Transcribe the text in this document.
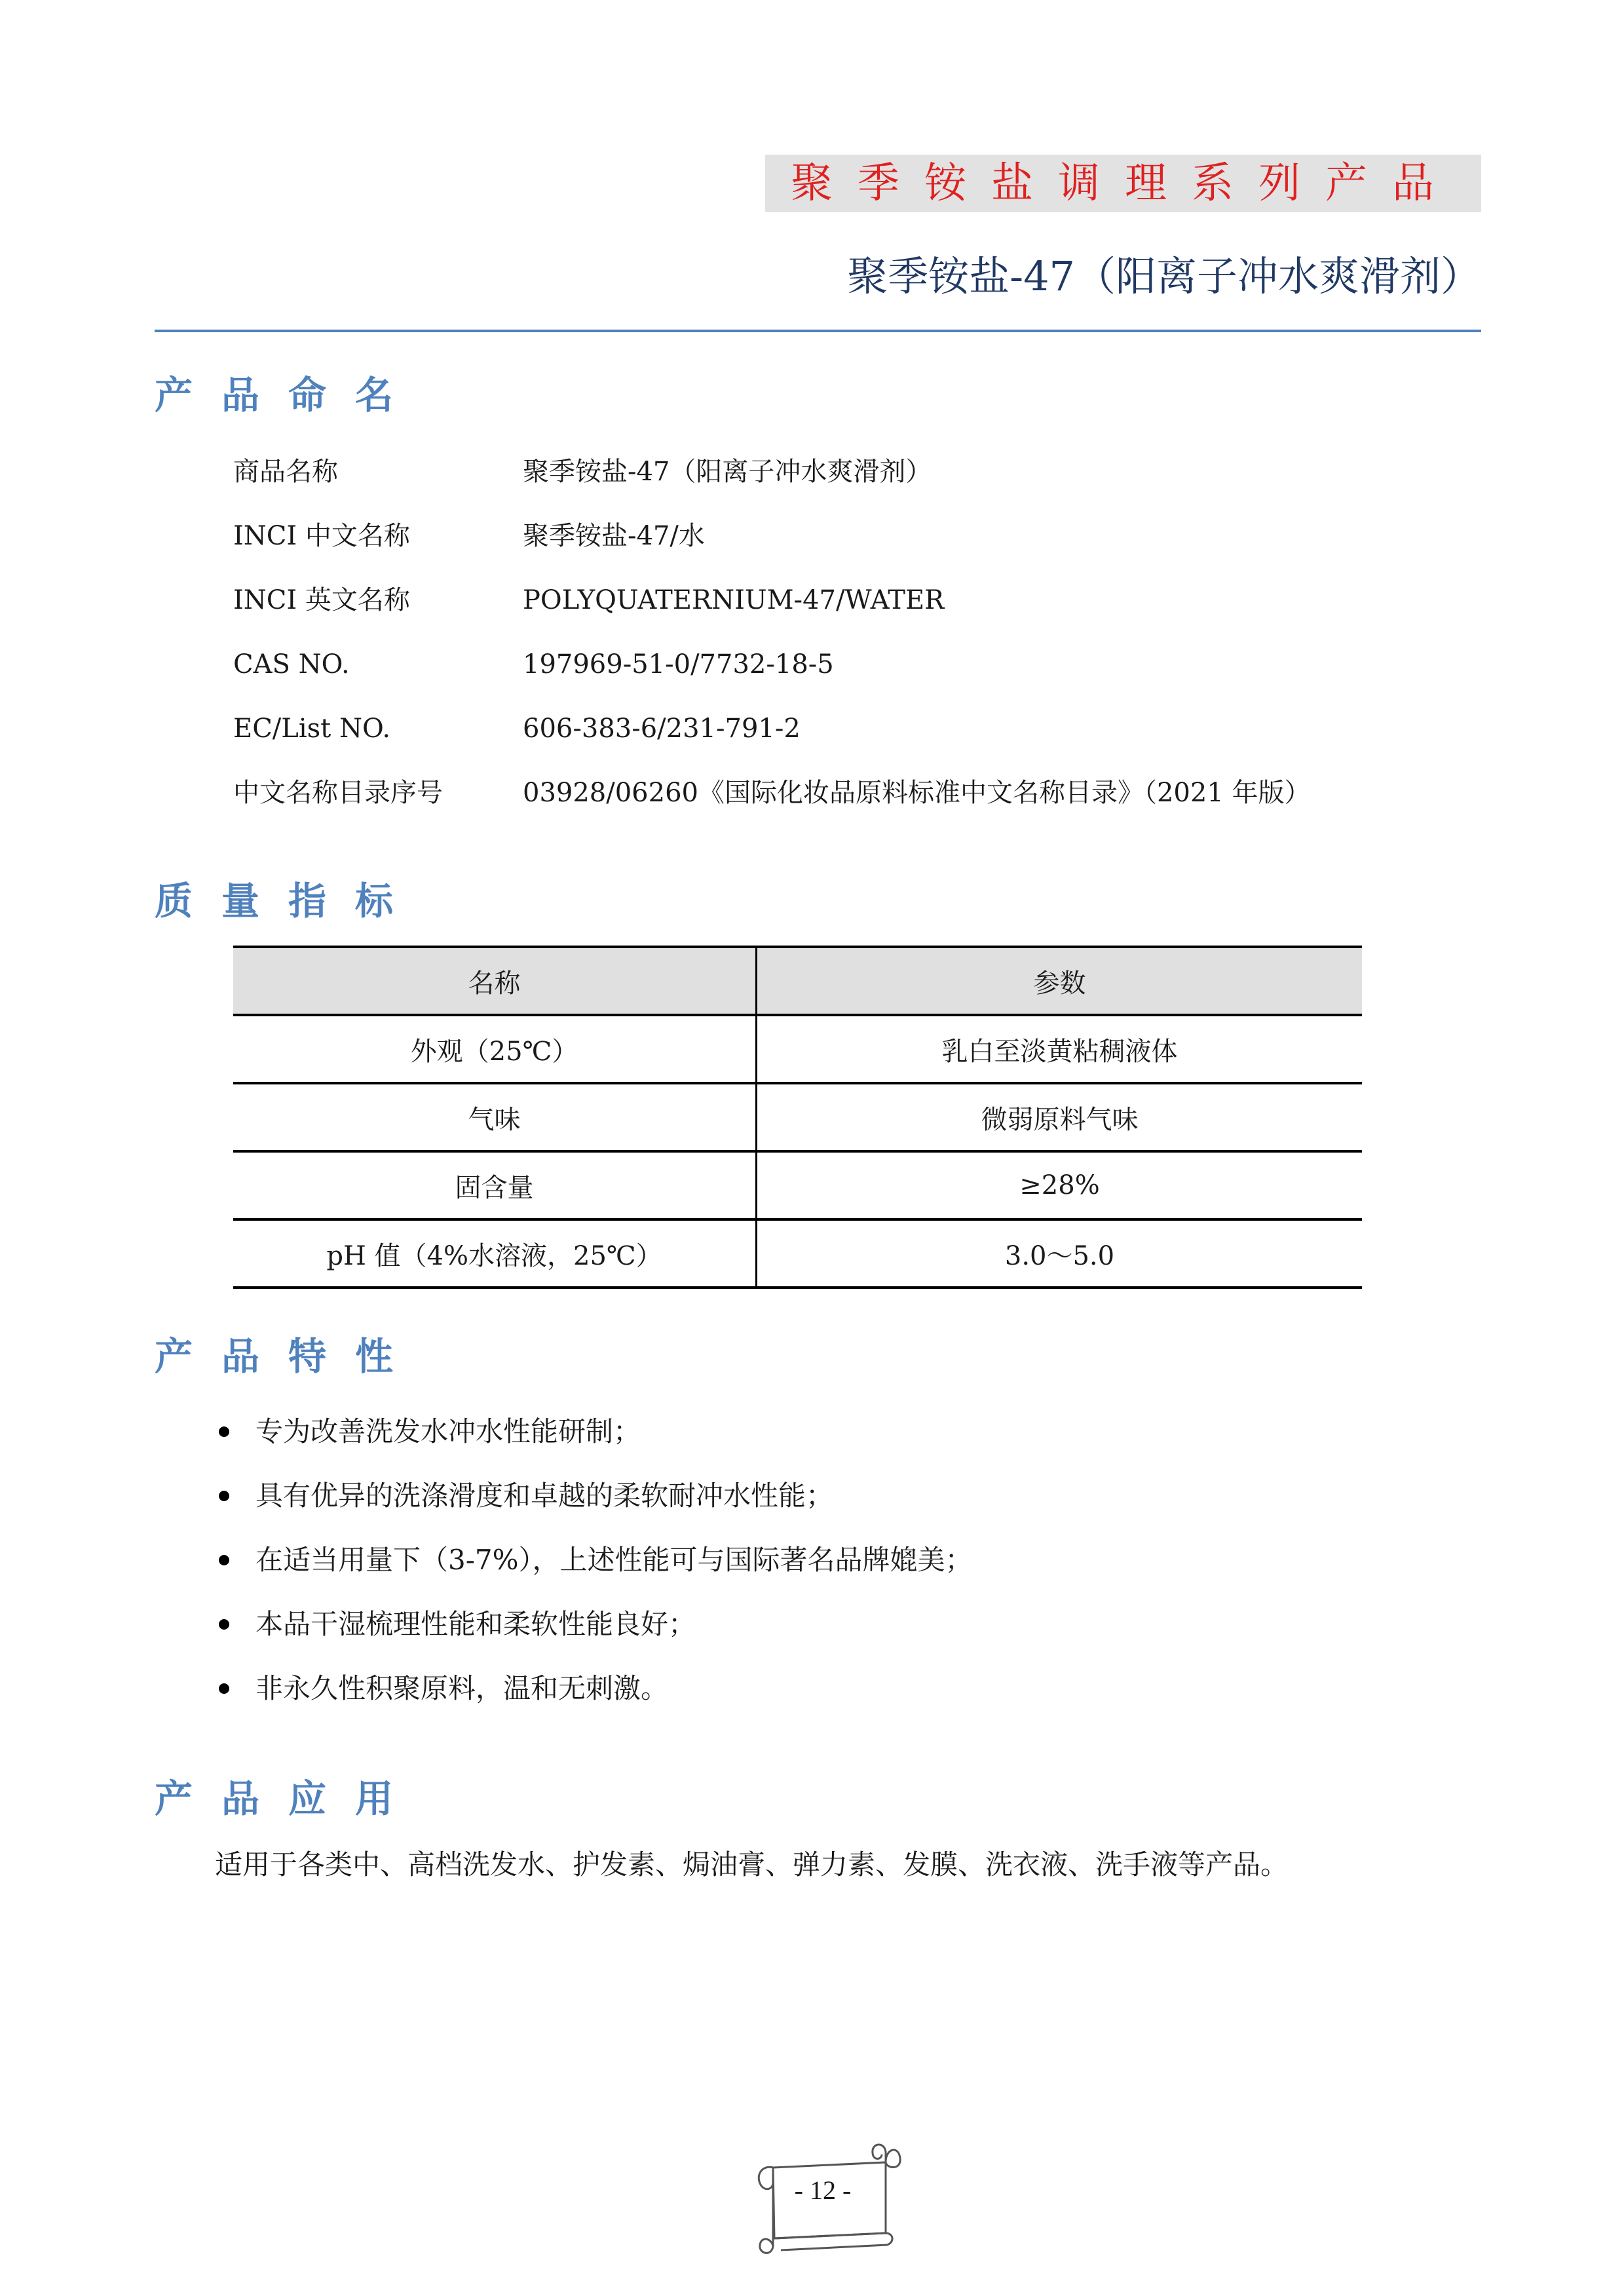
聚季铵盐调理系列产品
聚季铵盐-47（阳离子冲水爽滑剂）
产品命名
商品名称	聚季铵盐-47（阳离子冲水爽滑剂）
INCI 中文名称	聚季铵盐-47/水
INCI 英文名称	POLYQUATERNIUM-47/WATER
CAS NO.	197969-51-0/7732-18-5
EC/List NO.	606-383-6/231-791-2
中文名称目录序号	03928/06260《国际化妆品原料标准中文名称目录》（2021 年版）
质量指标
名称	参数
外观（25℃）	乳白至淡黄粘稠液体
气味	微弱原料气味
固含量	≥28%
pH 值（4%水溶液，25℃）	3.0～5.0
产品特性
专为改善洗发水冲水性能研制；
具有优异的洗涤滑度和卓越的柔软耐冲水性能；
在适当用量下（3-7%），上述性能可与国际著名品牌媲美；
本品干湿梳理性能和柔软性能良好；
非永久性积聚原料，温和无刺激。
产品应用
适用于各类中、高档洗发水、护发素、焗油膏、弹力素、发膜、洗衣液、洗手液等产品。
- 12 -
